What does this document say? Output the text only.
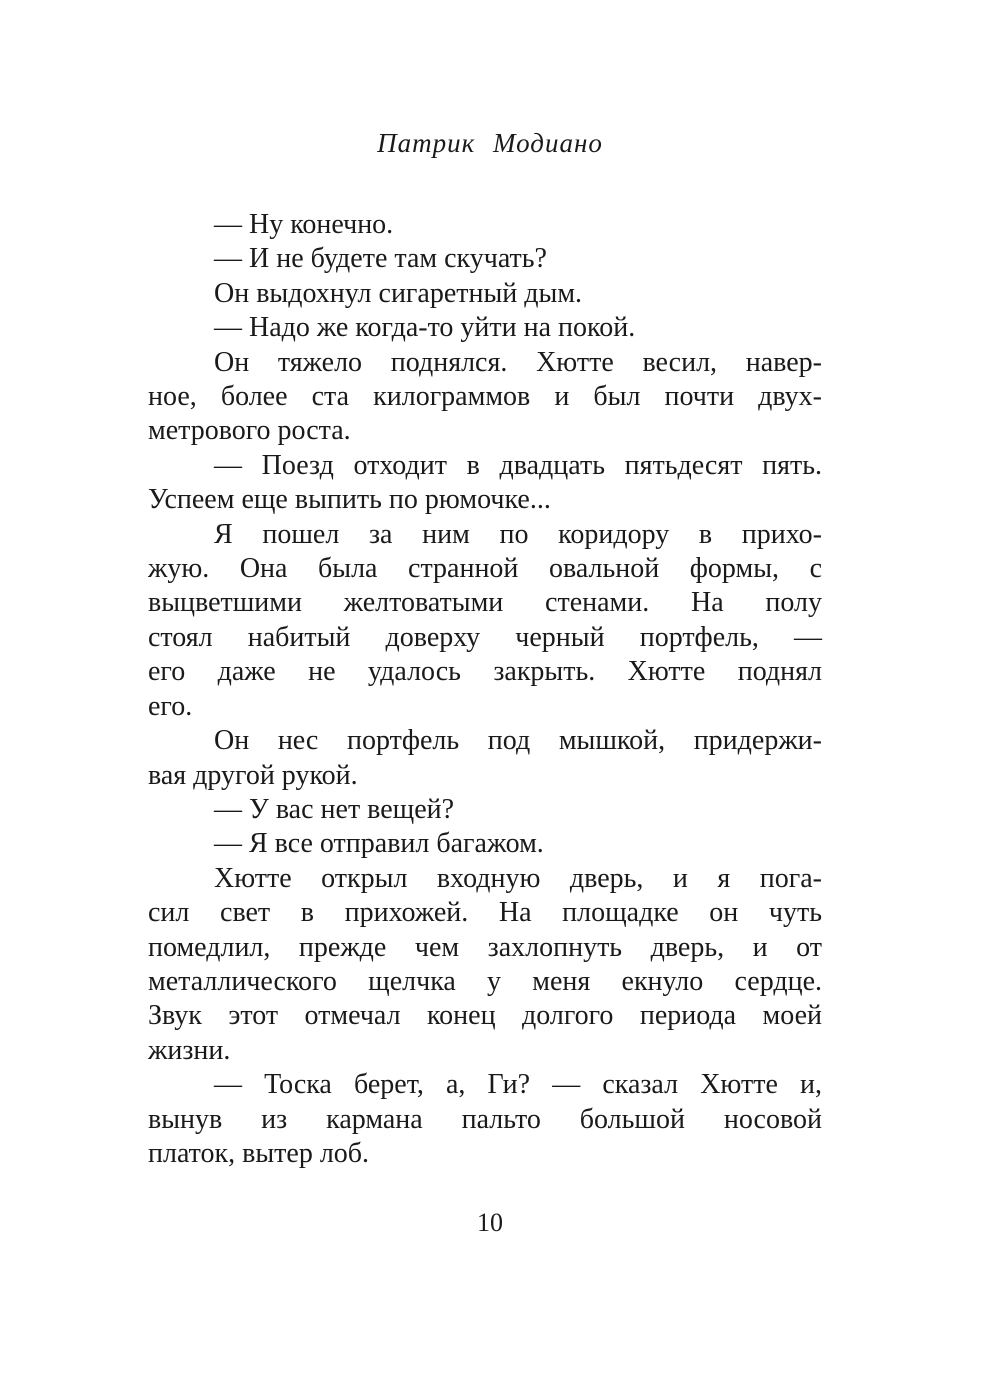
Патрик Модиано
— Ну конечно.
— И не будете там скучать?
Он выдохнул сигаретный дым.
— Надо же когда-то уйти на покой.
Он тяжело поднялся. Хютте весил, навер-
ное, более ста килограммов и был почти двух-
метрового роста.
— Поезд отходит в двадцать пятьдесят пять.
Успеем еще выпить по рюмочке...
Я пошел за ним по коридору в прихо-
жую. Она была странной овальной формы, с
выцветшими желтоватыми стенами. На полу
стоял набитый доверху черный портфель, —
его даже не удалось закрыть. Хютте поднял
его.
Он нес портфель под мышкой, придержи-
вая другой рукой.
— У вас нет вещей?
— Я все отправил багажом.
Хютте открыл входную дверь, и я пога-
сил свет в прихожей. На площадке он чуть
помедлил, прежде чем захлопнуть дверь, и от
металлического щелчка у меня екнуло сердце.
Звук этот отмечал конец долгого периода моей
жизни.
— Тоска берет, а, Ги? — сказал Хютте и,
вынув из кармана пальто большой носовой
платок, вытер лоб.
10
